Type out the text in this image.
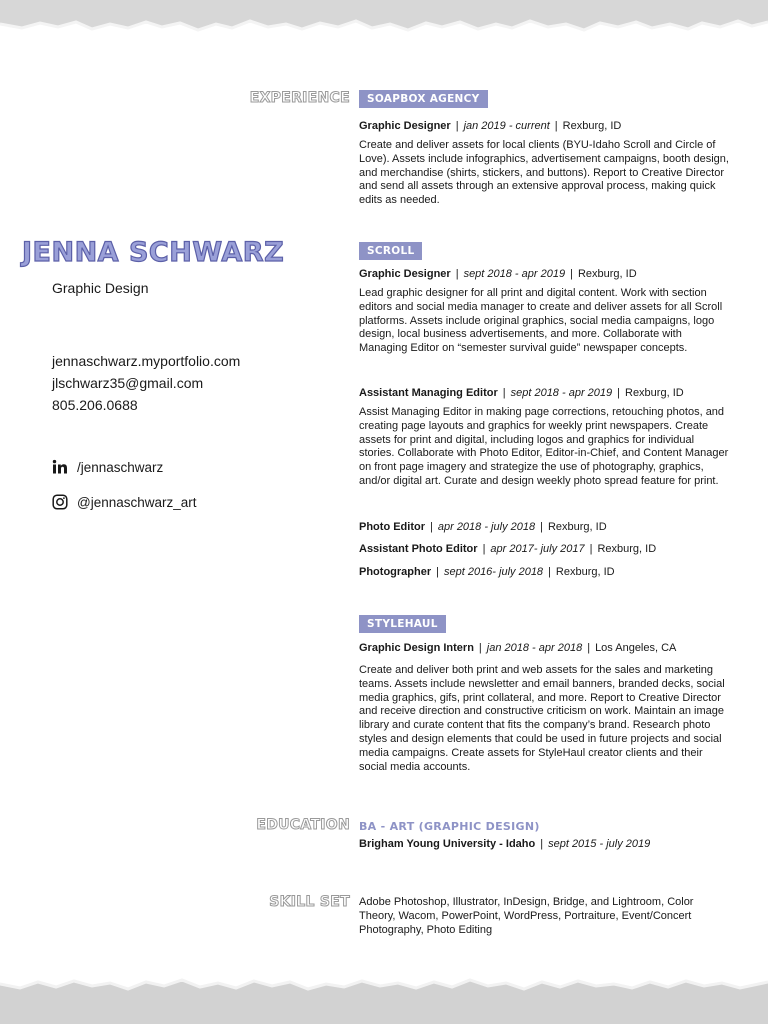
JENNA SCHWARZ
Graphic Design
jennaschwarz.myportfolio.com
jlschwarz35@gmail.com
805.206.0688
/jennaschwarz
@jennaschwarz_art
EXPERIENCE
EDUCATION
SKILL SET
SOAPBOX AGENCY
Graphic Designer | jan 2019 - current | Rexburg, ID
Create and deliver assets for local clients (BYU-Idaho Scroll and Circle of Love). Assets include infographics, advertisement campaigns, booth design, and merchandise (shirts, stickers, and buttons). Report to Creative Director and send all assets through an extensive approval process, making quick edits as needed.
SCROLL
Graphic Designer | sept 2018 - apr 2019 | Rexburg, ID
Lead graphic designer for all print and digital content. Work with section editors and social media manager to create and deliver assets for all Scroll platforms. Assets include original graphics, social media campaigns, logo design, local business advertisements, and more. Collaborate with Managing Editor on “semester survival guide” newspaper concepts.
Assistant Managing Editor | sept 2018 - apr 2019 | Rexburg, ID
Assist Managing Editor in making page corrections, retouching photos, and creating page layouts and graphics for weekly print newspapers. Create assets for print and digital, including logos and graphics for individual stories. Collaborate with Photo Editor, Editor-in-Chief, and Content Manager on front page imagery and strategize the use of photography, graphics, and/or digital art. Curate and design weekly photo spread feature for print.
Photo Editor | apr 2018 - july 2018 | Rexburg, ID
Assistant Photo Editor | apr 2017- july 2017 | Rexburg, ID
Photographer | sept 2016- july 2018 | Rexburg, ID
STYLEHAUL
Graphic Design Intern | jan 2018 - apr 2018 | Los Angeles, CA
Create and deliver both print and web assets for the sales and marketing teams. Assets include newsletter and email banners, branded decks, social media graphics, gifs, print collateral, and more. Report to Creative Director and receive direction and constructive criticism on work. Maintain an image library and curate content that fits the company’s brand. Research photo styles and design elements that could be used in future projects and social media campaigns. Create assets for StyleHaul creator clients and their social media accounts.
BA - ART (GRAPHIC DESIGN)
Brigham Young University - Idaho | sept 2015 - july 2019
Adobe Photoshop, Illustrator, InDesign, Bridge, and Lightroom, Color Theory, Wacom, PowerPoint, WordPress, Portraiture, Event/Concert Photography, Photo Editing
